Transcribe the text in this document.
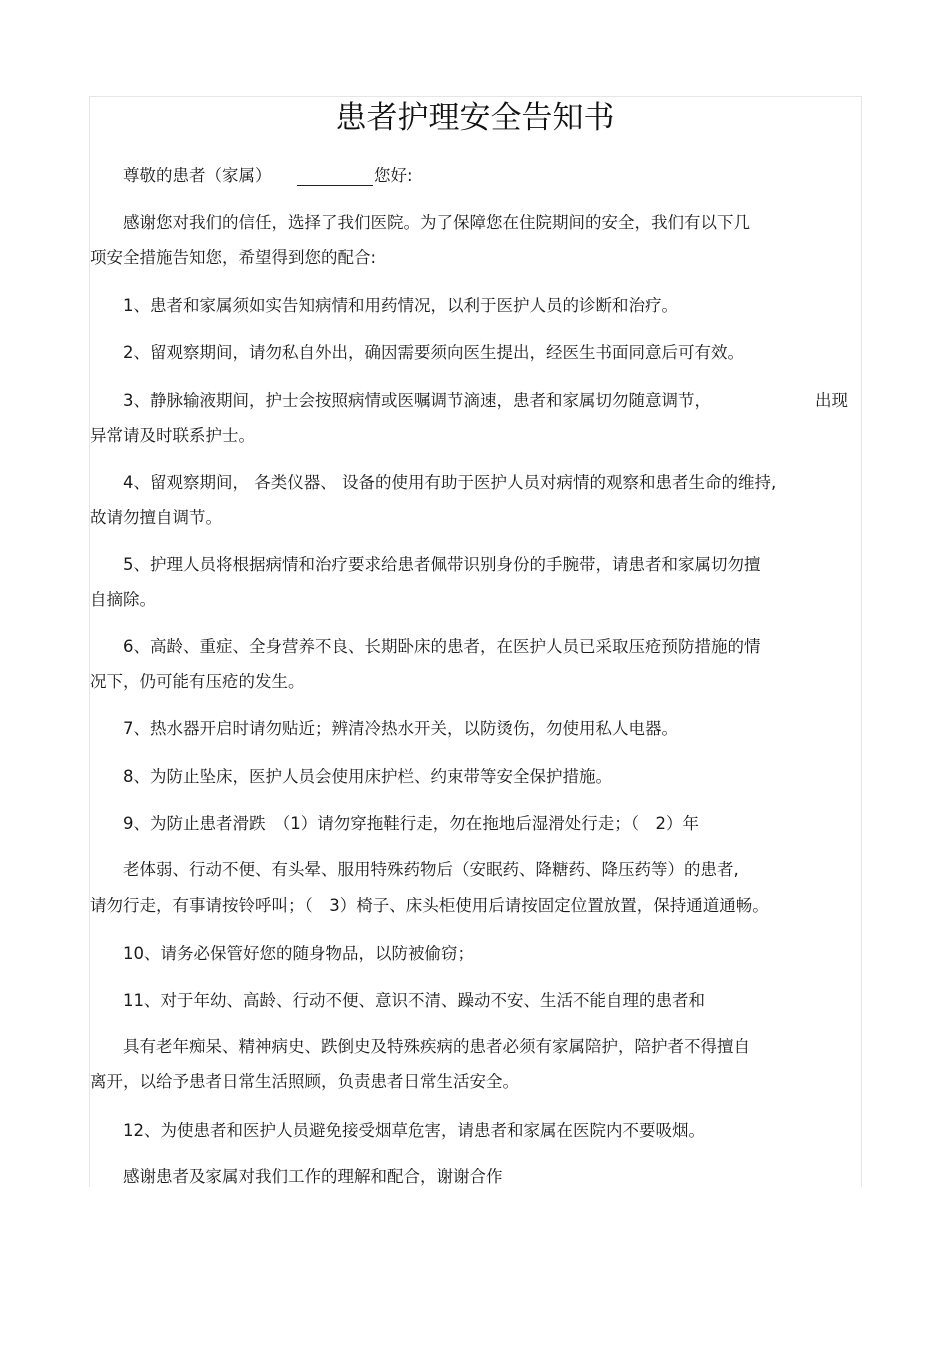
患者护理安全告知书
尊敬的患者（家属）	您好:
感谢您对我们的信任，选择了我们医院。为了保障您在住院期间的安全，我们有以下几
项安全措施告知您，希望得到您的配合:
1、患者和家属须如实告知病情和用药情况，以利于医护人员的诊断和治疗。
2、留观察期间，请勿私自外出，确因需要须向医生提出，经医生书面同意后可有效。
3、静脉输液期间，护士会按照病情或医嘱调节滴速，患者和家属切勿随意调节，	出现
异常请及时联系护士。
4、留观察期间， 各类仪器、 设备的使用有助于医护人员对病情的观察和患者生命的维持,
故请勿擅自调节。
5、护理人员将根据病情和治疗要求给患者佩带识别身份的手腕带，请患者和家属切勿擅
自摘除。
6、高龄、重症、全身营养不良、长期卧床的患者，在医护人员已采取压疮预防措施的情
况下，仍可能有压疮的发生。
7、热水器开启时请勿贴近；辨清冷热水开关，以防烫伤，勿使用私人电器。
8、为防止坠床，医护人员会使用床护栏、约束带等安全保护措施。
9、为防止患者滑跌　（1）请勿穿拖鞋行走，勿在拖地后湿滑处行走；（　2）年
老体弱、行动不便、有头晕、服用特殊药物后（安眠药、降糖药、降压药等）的患者,
请勿行走，有事请按铃呼叫；（　3）椅子、床头柜使用后请按固定位置放置，保持通道通畅。
10、请务必保管好您的随身物品，以防被偷窃；
11、对于年幼、高龄、行动不便、意识不清、躁动不安、生活不能自理的患者和
具有老年痴呆、精神病史、跌倒史及特殊疾病的患者必须有家属陪护，陪护者不得擅自
离开，以给予患者日常生活照顾，负责患者日常生活安全。
12、为使患者和医护人员避免接受烟草危害，请患者和家属在医院内不要吸烟。
感谢患者及家属对我们工作的理解和配合，谢谢合作
